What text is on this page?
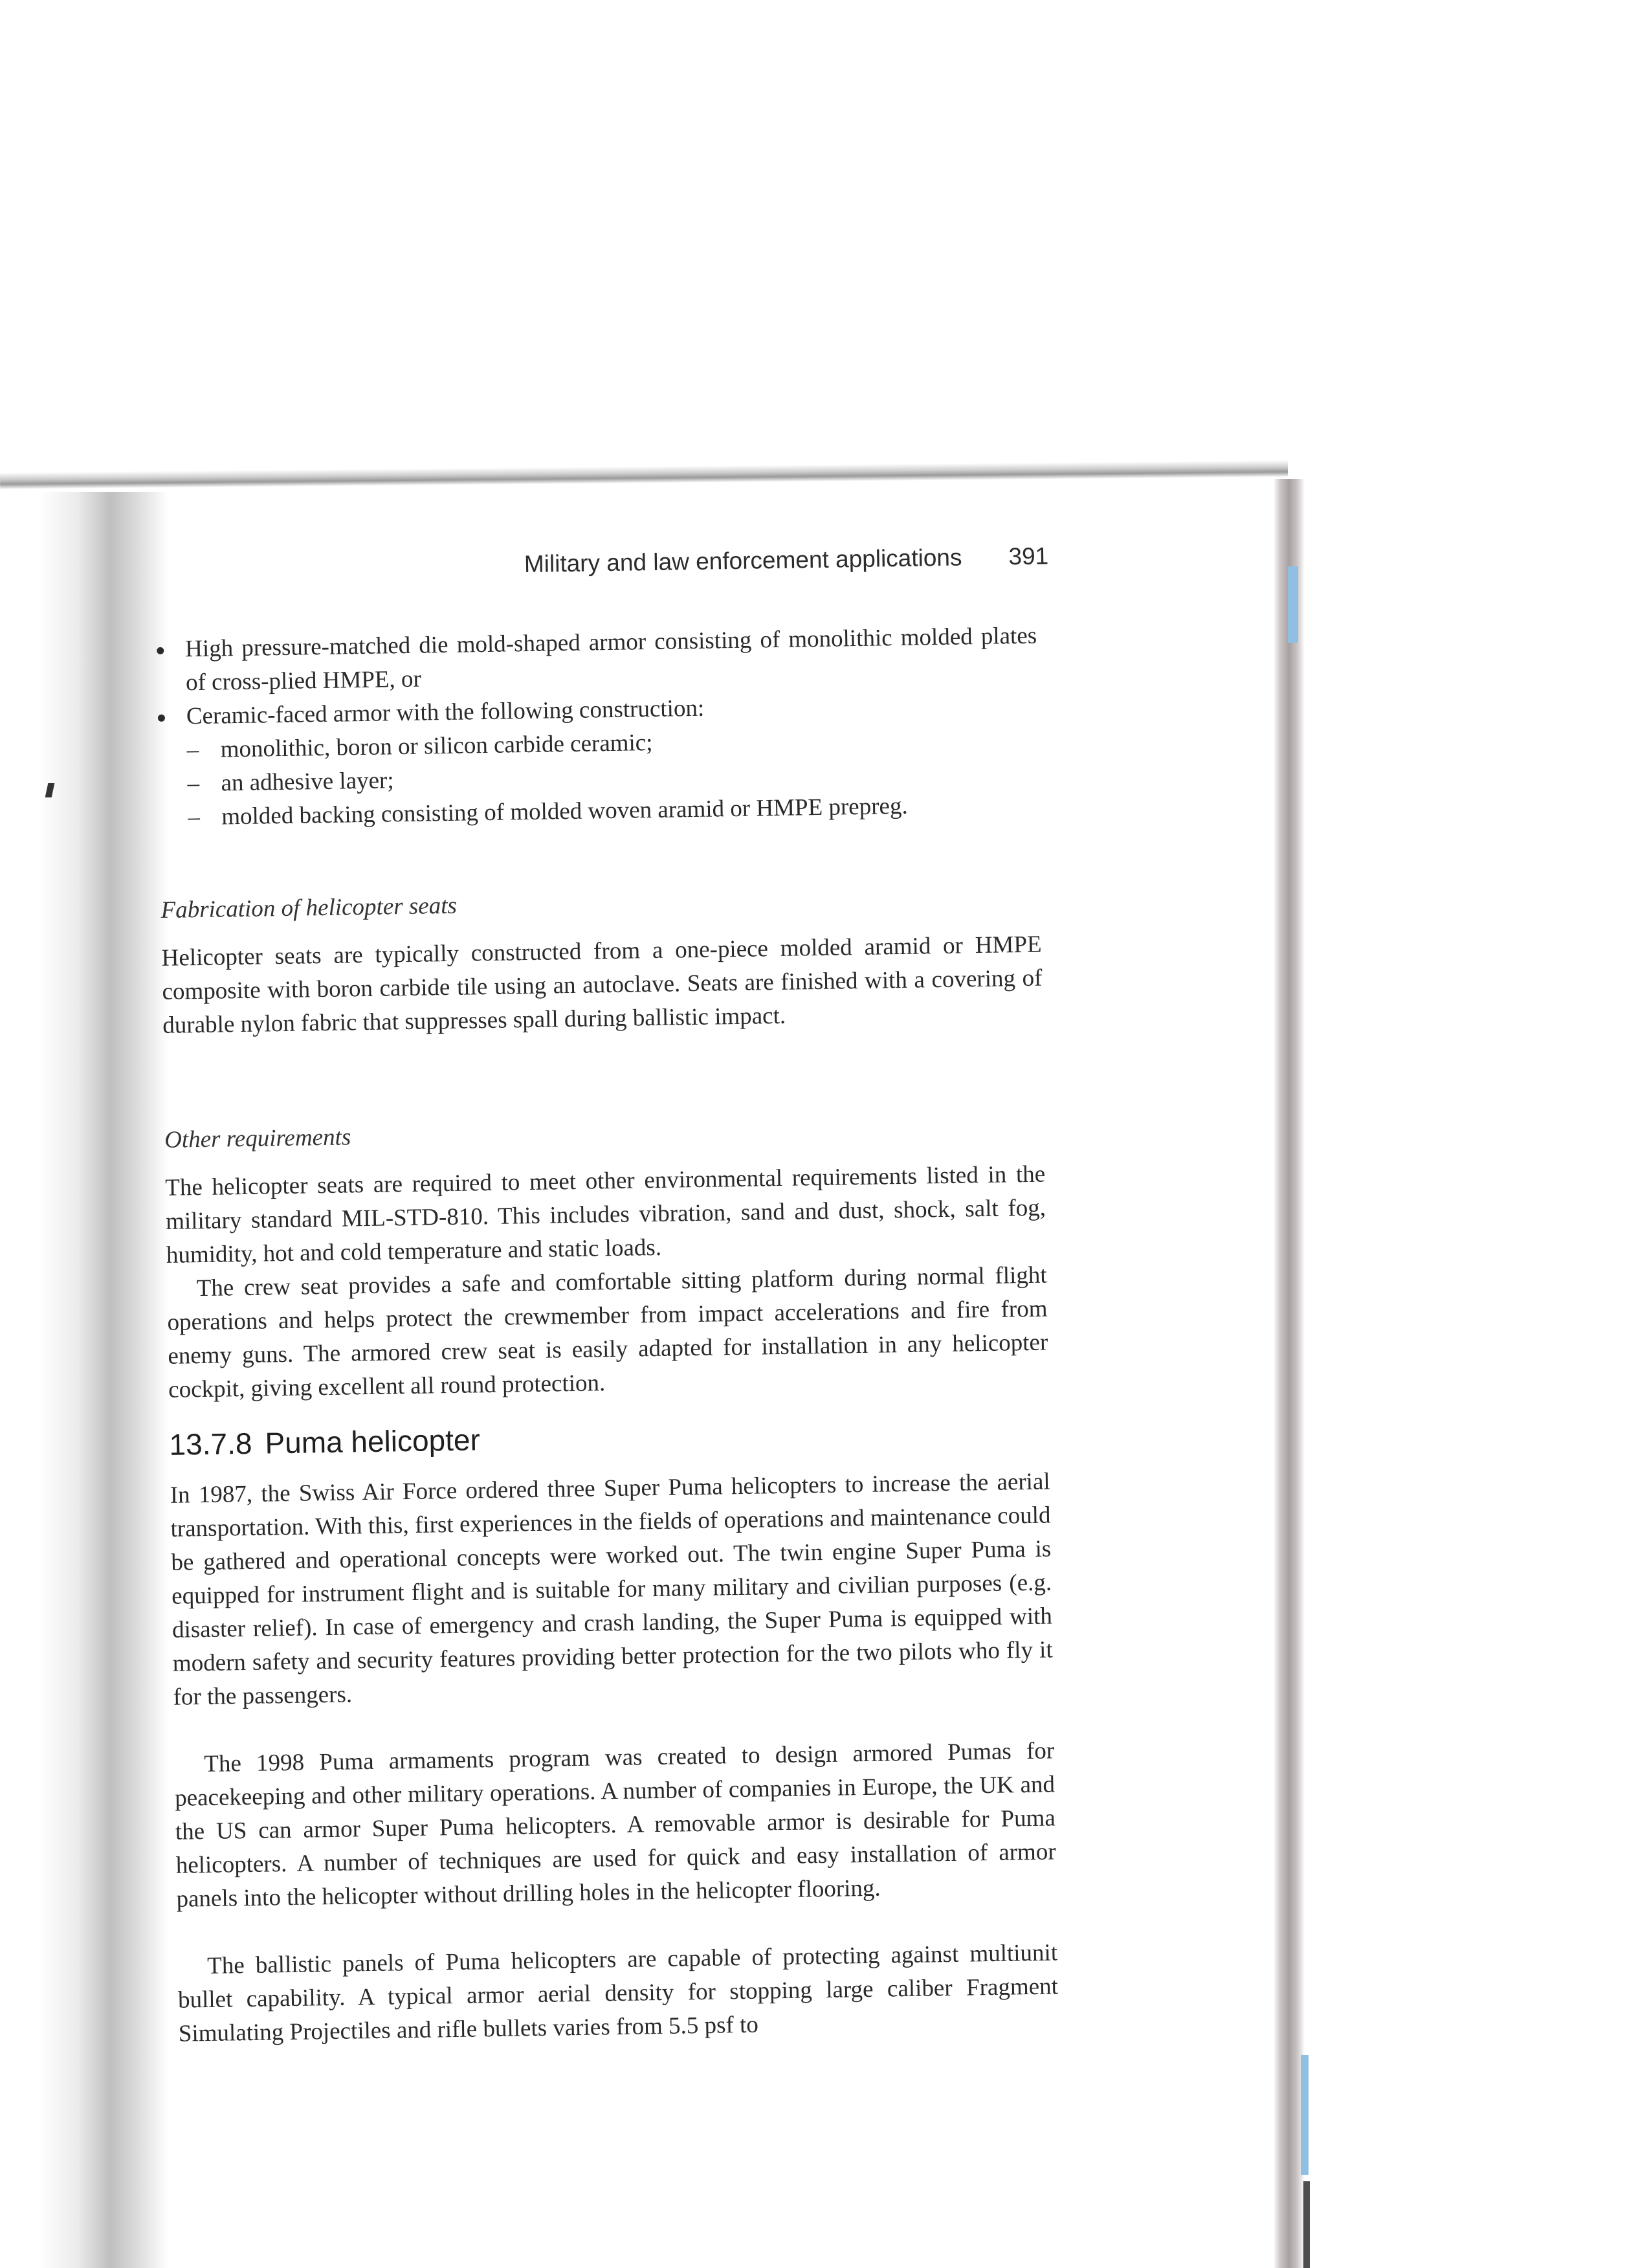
Military and law enforcement applications 391
High pressure-matched die mold-shaped armor consisting of monolithic molded plates of cross-plied HMPE, or
Ceramic-faced armor with the following construction:
– monolithic, boron or silicon carbide ceramic;
– an adhesive layer;
– molded backing consisting of molded woven aramid or HMPE prepreg.
Fabrication of helicopter seats

Helicopter seats are typically constructed from a one-piece molded aramid or HMPE composite with boron carbide tile using an autoclave. Seats are finished with a covering of durable nylon fabric that suppresses spall during ballistic impact.

Other requirements

The helicopter seats are required to meet other environmental requirements listed in the military standard MIL-STD-810. This includes vibration, sand and dust, shock, salt fog, humidity, hot and cold temperature and static loads.

The crew seat provides a safe and comfortable sitting platform during normal flight operations and helps protect the crewmember from impact accelerations and fire from enemy guns. The armored crew seat is easily adapted for installation in any helicopter cockpit, giving excellent all round protection.

13.7.8 Puma helicopter

In 1987, the Swiss Air Force ordered three Super Puma helicopters to increase the aerial transportation. With this, first experiences in the fields of operations and maintenance could be gathered and operational concepts were worked out. The twin engine Super Puma is equipped for instrument flight and is suitable for many military and civilian purposes (e.g. disaster relief). In case of emergency and crash landing, the Super Puma is equipped with modern safety and security features providing better protection for the two pilots who fly it for the passengers.

The 1998 Puma armaments program was created to design armored Pumas for peacekeeping and other military operations. A number of companies in Europe, the UK and the US can armor Super Puma helicopters. A removable armor is desirable for Puma helicopters. A number of techniques are used for quick and easy installation of armor panels into the helicopter without drilling holes in the helicopter flooring.

The ballistic panels of Puma helicopters are capable of protecting against multiunit bullet capability. A typical armor aerial density for stopping large caliber Fragment Simulating Projectiles and rifle bullets varies from 5.5 psf to
